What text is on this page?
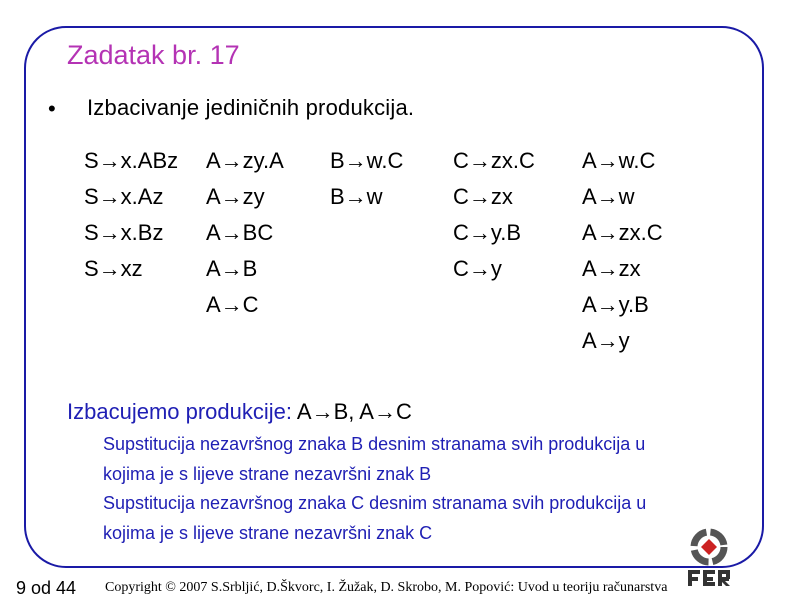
Zadatak br. 17
• Izbacivanje jediničnih produkcija.
S→x.ABz
S→x.Az
S→x.Bz
S→xz
A→zy.A
A→zy
A→BC
A→B
A→C
B→w.C
B→w
C→zx.C
C→zx
C→y.B
C→y
A→w.C
A→w
A→zx.C
A→zx
A→y.B
A→y
Izbacujemo produkcije: A→B, A→C
Supstitucija nezavršnog znaka B desnim stranama svih produkcija u
kojima je s lijeve strane nezavršni znak B
Supstitucija nezavršnog znaka C desnim stranama svih produkcija u
kojima je s lijeve strane nezavršni znak C
9 od 44 Copyright © 2007 S.Srbljić, D.Škvorc, I. Žužak, D. Skrobo, M. Popović: Uvod u teoriju računarstva
